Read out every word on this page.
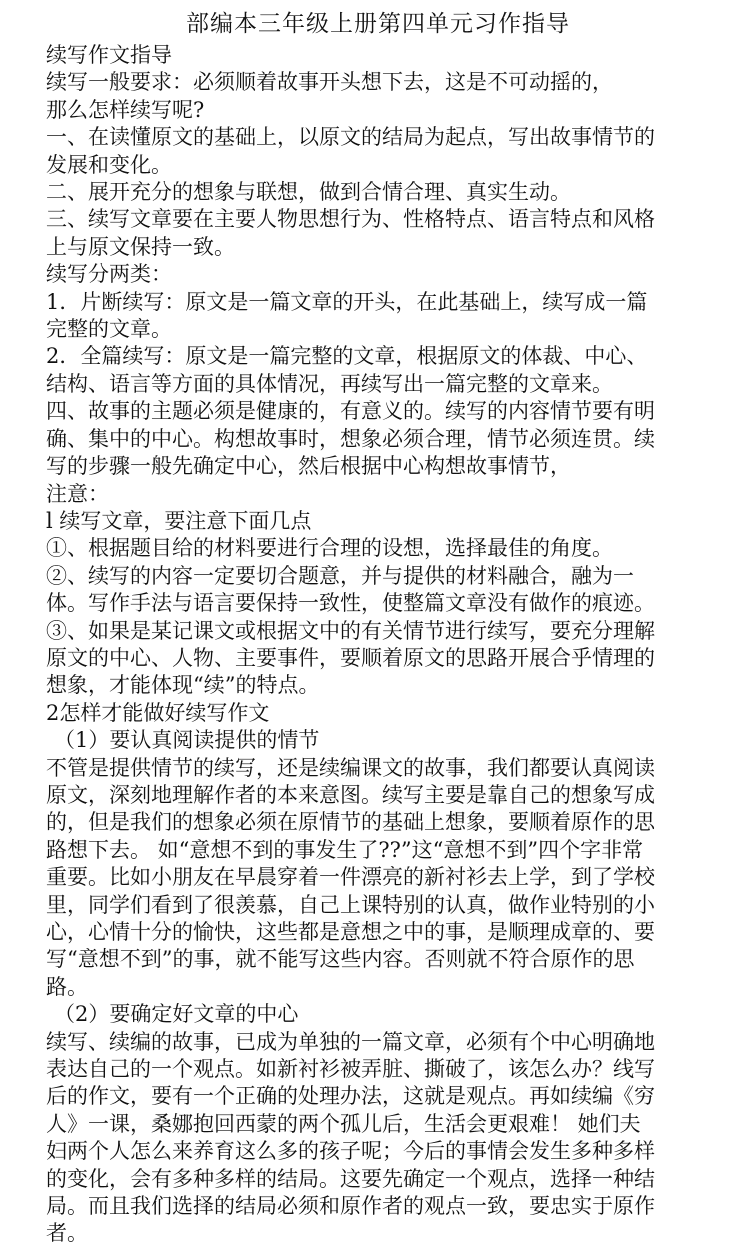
部编本三年级上册第四单元习作指导
续写作文指导
续写一般要求：必须顺着故事开头想下去，这是不可动摇的，
那么怎样续写呢?
一、在读懂原文的基础上，以原文的结局为起点，写出故事情节的
发展和变化。
二、展开充分的想象与联想，做到合情合理、真实生动。
三、续写文章要在主要人物思想行为、性格特点、语言特点和风格
上与原文保持一致。
续写分两类：
1．片断续写：原文是一篇文章的开头，在此基础上，续写成一篇
完整的文章。
2．全篇续写：原文是一篇完整的文章，根据原文的体裁、中心、
结构、语言等方面的具体情况，再续写出一篇完整的文章来。
四、故事的主题必须是健康的，有意义的。续写的内容情节要有明
确、集中的中心。构想故事时，想象必须合理，情节必须连贯。续
写的步骤一般先确定中心，然后根据中心构想故事情节，
注意：
l 续写文章，要注意下面几点
①、根据题目给的材料要进行合理的设想，选择最佳的角度。
②、续写的内容一定要切合题意，并与提供的材料融合，融为一
体。写作手法与语言要保持一致性，使整篇文章没有做作的痕迹。
③、如果是某记课文或根据文中的有关情节进行续写，要充分理解
原文的中心、人物、主要事件，要顺着原文的思路开展合乎情理的
想象，才能体现“续”的特点。
2怎样才能做好续写作文
（1）要认真阅读提供的情节
不管是提供情节的续写，还是续编课文的故事，我们都要认真阅读
原文，深刻地理解作者的本来意图。续写主要是靠自己的想象写成
的，但是我们的想象必须在原情节的基础上想象，要顺着原作的思
路想下去。 如“意想不到的事发生了??”这“意想不到”四个字非常
重要。比如小朋友在早晨穿着一件漂亮的新衬衫去上学，到了学校
里，同学们看到了很羡慕，自己上课特别的认真，做作业特别的小
心，心情十分的愉快，这些都是意想之中的事，是顺理成章的、要
写“意想不到”的事，就不能写这些内容。否则就不符合原作的思
路。
（2）要确定好文章的中心
续写、续编的故事，已成为单独的一篇文章，必须有个中心明确地
表达自己的一个观点。如新衬衫被弄脏、撕破了，该怎么办？线写
后的作文，要有一个正确的处理办法，这就是观点。再如续编《穷
人》一课，桑娜抱回西蒙的两个孤儿后，生活会更艰难！ 她们夫
妇两个人怎么来养育这么多的孩子呢；今后的事情会发生多种多样
的变化，会有多种多样的结局。这要先确定一个观点，选择一种结
局。而且我们选择的结局必须和原作者的观点一致，要忠实于原作
者。
